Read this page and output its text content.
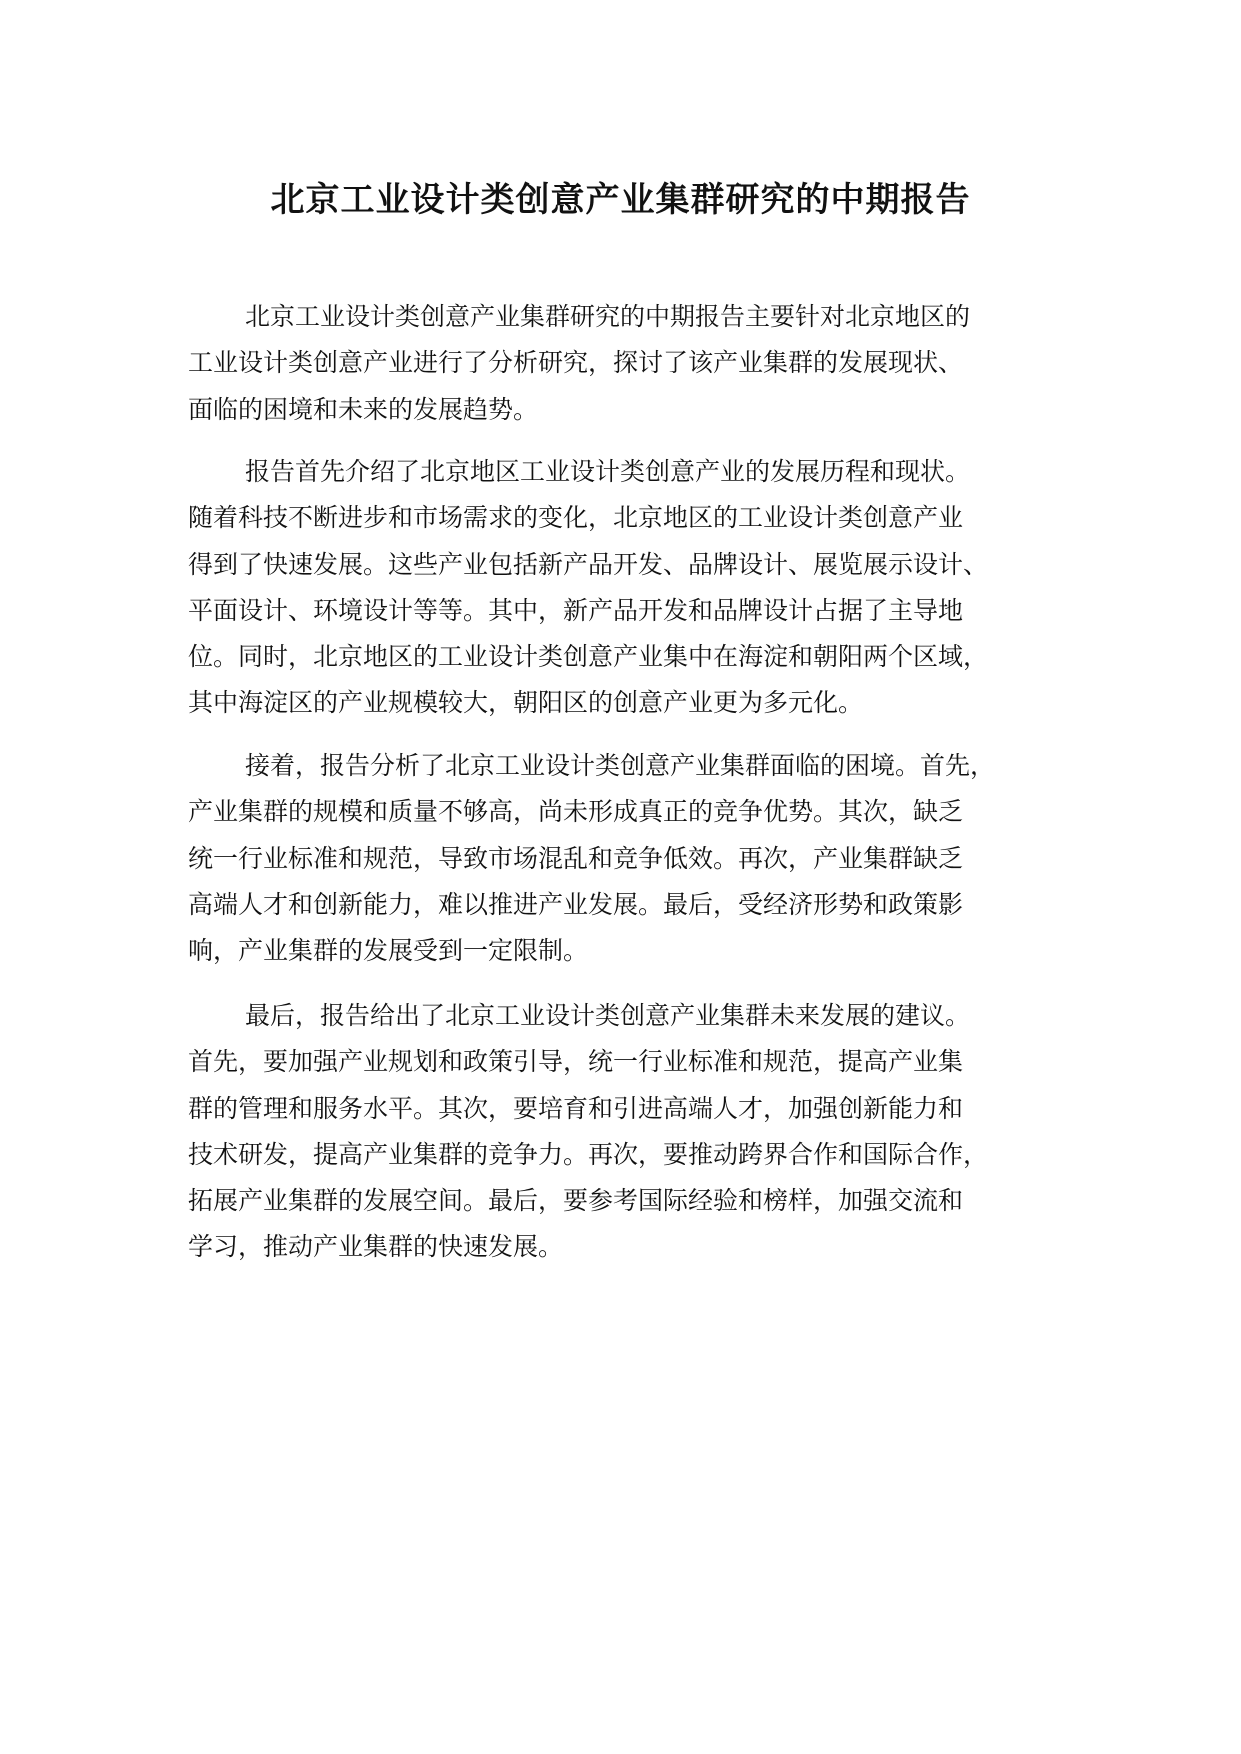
北京工业设计类创意产业集群研究的中期报告
北京工业设计类创意产业集群研究的中期报告主要针对北京地区的
工业设计类创意产业进行了分析研究，探讨了该产业集群的发展现状、
面临的困境和未来的发展趋势。
报告首先介绍了北京地区工业设计类创意产业的发展历程和现状。
随着科技不断进步和市场需求的变化，北京地区的工业设计类创意产业
得到了快速发展。这些产业包括新产品开发、品牌设计、展览展示设计、
平面设计、环境设计等等。其中，新产品开发和品牌设计占据了主导地
位。同时，北京地区的工业设计类创意产业集中在海淀和朝阳两个区域，
其中海淀区的产业规模较大，朝阳区的创意产业更为多元化。
接着，报告分析了北京工业设计类创意产业集群面临的困境。首先，
产业集群的规模和质量不够高，尚未形成真正的竞争优势。其次，缺乏
统一行业标准和规范，导致市场混乱和竞争低效。再次，产业集群缺乏
高端人才和创新能力，难以推进产业发展。最后，受经济形势和政策影
响，产业集群的发展受到一定限制。
最后，报告给出了北京工业设计类创意产业集群未来发展的建议。
首先，要加强产业规划和政策引导，统一行业标准和规范，提高产业集
群的管理和服务水平。其次，要培育和引进高端人才，加强创新能力和
技术研发，提高产业集群的竞争力。再次，要推动跨界合作和国际合作，
拓展产业集群的发展空间。最后，要参考国际经验和榜样，加强交流和
学习，推动产业集群的快速发展。
